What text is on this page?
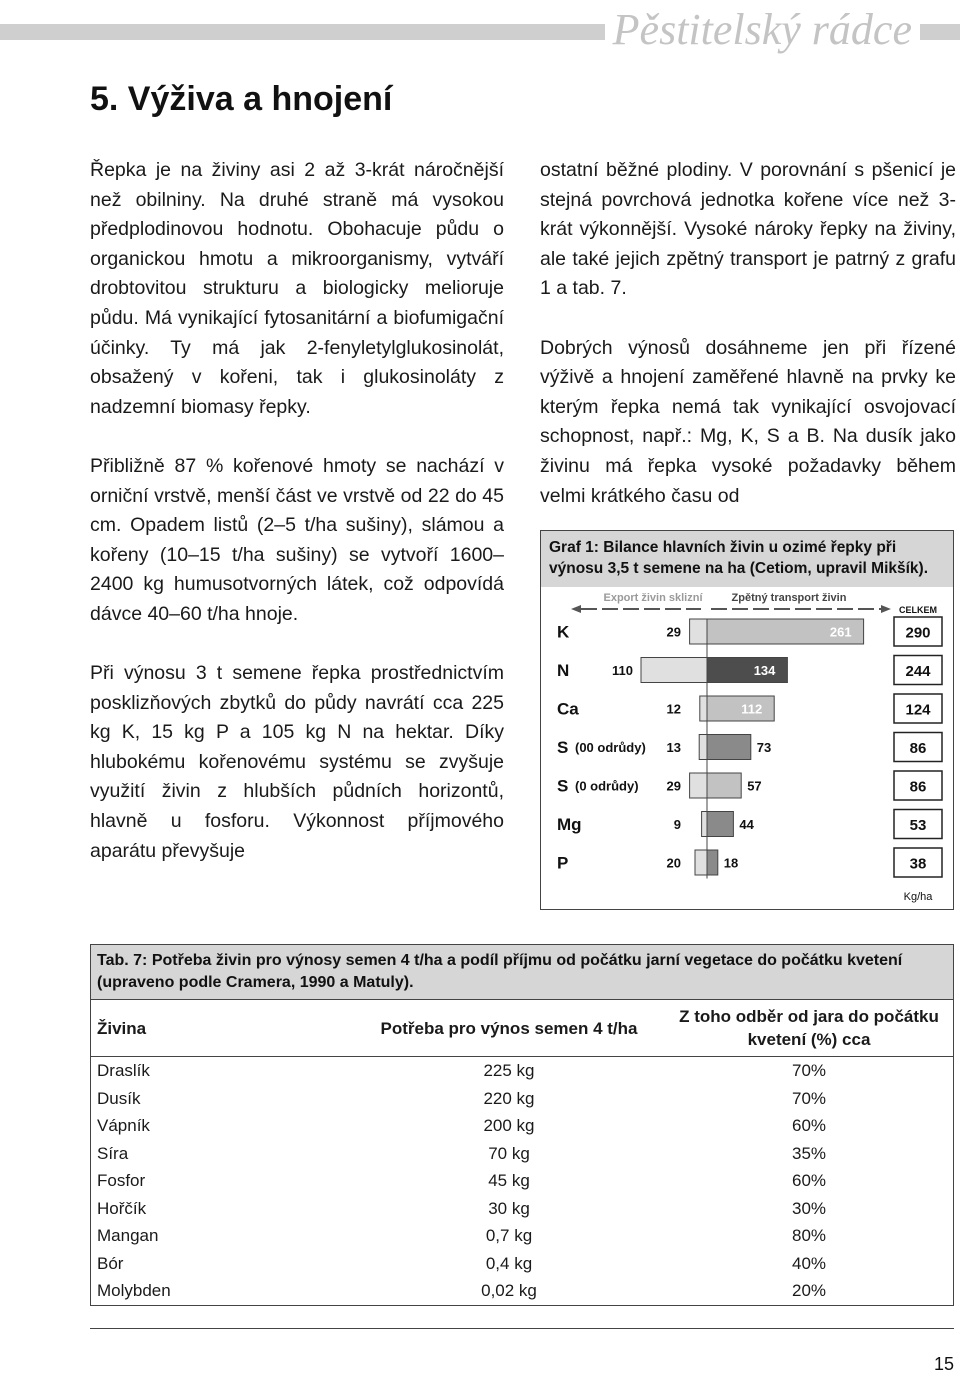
Pěstitelský rádce
5. Výživa a hnojení

Řepka je na živiny asi 2 až 3-krát náročnější než obilniny. Na druhé straně má vysokou předplodinovou hodnotu. Obohacuje půdu o organickou hmotu a mikroorganismy, vytváří drobtovitou strukturu a biologicky melioruje půdu. Má vynikající fytosanitární a biofumigační účinky. Ty má jak 2-fenyletylglukosinolát, obsažený v kořeni, tak i glukosinoláty z nadzemní biomasy řepky.

Přibližně 87 % kořenové hmoty se nachází v orniční vrstvě, menší část ve vrstvě od 22 do 45 cm. Opadem listů (2–5 t/ha sušiny), slámou a kořeny (10–15 t/ha sušiny) se vytvoří 1600–2400 kg humusotvorných látek, což odpovídá dávce 40–60 t/ha hnoje.

Při výnosu 3 t semene řepka prostřednictvím posklizňových zbytků do půdy navrátí cca 225 kg K, 15 kg P a 105 kg N na hektar. Díky hlubokému kořenovému systému se zvyšuje využití živin z hlubších půdních horizontů, hlavně u fosforu. Výkonnost příjmového aparátu převyšuje

ostatní běžné plodiny. V porovnání s pšenicí je stejná povrchová jednotka kořene více než 3-krát výkonnější. Vysoké nároky řepky na živiny, ale také jejich zpětný transport je patrný z grafu 1 a tab. 7.

Dobrých výnosů dosáhneme jen při řízené výživě a hnojení zaměřené hlavně na prvky ke kterým řepka nemá tak vynikající osvojovací schopnost, např.: Mg, K, S a B. Na dusík jako živinu má řepka vysoké požadavky během velmi krátkého času od

Graf 1: Bilance hlavních živin u ozimé řepky při výnosu 3,5 t semene na ha (Cetiom, upravil Mikšík).
Export živin sklizní	Zpětný transport živin
CELKEM
K	29	261	290
N	110	134	244
Ca	12	112	124
S (00 odrůdy) 13	73	86
S (0 odrůdy) 29	57	86
Mg	9	44	53
P	20	18	38
Kg/ha
Tab. 7: Potřeba živin pro výnosy semen 4 t/ha a podíl příjmu od počátku jarní vegetace do počátku kvetení (upraveno podle Cramera, 1990 a Matuly).
Živina	Potřeba pro výnos semen 4 t/ha	Z toho odběr od jara do počátku kvetení (%) cca
Draslík	225 kg	70%
Dusík	220 kg	70%
Vápník	200 kg	60%
Síra	70 kg	35%
Fosfor	45 kg	60%
Hořčík	30 kg	30%
Mangan	0,7 kg	80%
Bór	0,4 kg	40%
Molybden	0,02 kg	20%
15
